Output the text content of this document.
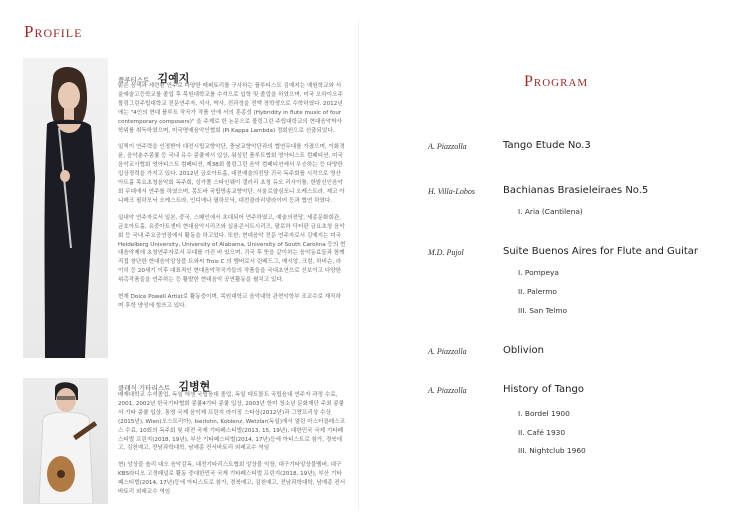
Profile
플루티스트 김예지

맑은 음색과 세련된 연주로 다양한 레퍼토리를 구사하는 플루티스트 김예지는 예원학교와 서울예술고등학교를 졸업 후 목원대학교를 수석으로 입학 및 졸업을 하였으며, 미국 오하이오주 볼링그린주립대학교 전문연주자, 석사, 박사, 전과정을 전액 장학생으로 수학하였다. 2012년에는 "4인의 현대 플루트 작곡가 작품 안에 서의 혼종성 (Hybridity in flute music of four contemporary composers)" 을 주제로 한 논문으로 볼링그린 주립대학교의 현대음악박사학위를 취득하였으며, 미국명예음악인협회 (Pi Kappa Lambda) 정회원으로 선출되었다.

일찍이 연주력을 인정받아 대전시립교향악단, 충남교향악단과의 협연무대를 가졌으며, 이화경윤, 음악춘추콩쿨 등 국내 유수 콩쿨에서 입상, 워싱턴 플루트협회 영아티스트 컴페티션, 미국음악교사협회 영아티스트 컴페티션, 제38회 볼링그린 음악 컴페티션에서 우승하는 등 다양한 입상경력을 가지고 있다. 2012년 금호아트홀, 대전예술의전당 귀국 독주회를 시작으로 영산아트홀 목요초청음악회 독주회, 싱가폴 스타인웨이 갤러리 초청 듀오 리사이틀, 한밭신인음악회 무대에서 연주를 하였으며, 몽도바 국립방송교향악단, 서울로얄심포니 오케스트라, 제코 아니메크 필하모닉 오케스트라, 인디애나 필하모닉, 대전클라리넷라이어 등과 협연 하였다.

실내악 연주자로서 일본, 중국, 스페인에서 초대되어 연주하였고, 예술의전당, 세종문화회관, 금호아트홀, 유중아트센터 현대음악시리즈와 실용콘서트시리즈, 팔로하 닥터판 금요초청 음악회 등 국내 주요공연장에서 활동을 하고있다. 또한, 현대음악 전문 연주자로서 김예지는 미국 Heidelberg University, University of Alabama, University of South Carolina 등의 현대음악제에 초청연주자로서 무대를 가진 바 있으며, 귀국 후 뜻을 같이하는 음악동료들과 함께 직접 창단한 현대음악앙상블 트와씨 Trois C 의 멤버로서 린베드그, 메시앙, 크럼, 하비슨, 라이히 등 20세기 이후 대표적인 현대음악작곡가들의 작품들을 국내초연으로 선보이고 다양한 위촉작품들을 연주하는 등 활발한 현대음악 공연활동을 펼치고 있다.

현재 Dolce Powell Artist로 활동중이며, 목원대학교 음악대학 관현악학부 조교수로 재직하며 후학 양성에 힘쓰고 있다.

클래식 기타리스트 김병현

배재대학교 수석졸업, 독일 에센 국립음대 졸업, 독일 데트몰트 국립음대 연주자 과정 수료, 2001, 2002년 한국기타협회 콩쿨4기타 콩쿨 입상, 2003년 한미 청소년 문화재단 주최 콩쿨서 기타 콩쿨 입상, 통영 국제 음악제 프린지 라이징 스타상(2012년)과 그랑프리상 수상(2015년), Wien(오스트리아), Iserlohn, Koblenz, Wetzlar(독일)에서 열린 마스터클래스코스 수료, 10회의 독주회 및 대전 국제 기타페스티벌(2013, 15, 19년), 대한민국 국제 기타페스티벌 프린지(2018, 19년), 부산 기타페스티벌(2014, 17년)등에 아티스트로 참가, 경북에고, 김천예고, 전남과학대학, 남예종 컨서바토리 외래교수 역임

현) 앙상블 솔리 대오 음악감독, 대전기타리스트협회 앙상블 악장, 대구기타앙상블멤버, 대구KBS라디오 고정패널로 활동 중대한민국 국제 기타페스티벌 프린지(2018, 19년), 부산 기타페스티벌(2014, 17년)등에 아티스트로 참가, 경북예고, 김천예고, 전남과학대학, 남예종 컨서바토리 외래교수 역임

Program
A. Piazzolla	Tango Etude No.3
H. Villa-Lobos	Bachianas Brasieleiraes No.5
I. Aria (Cantilena)
M.D. Pujol	Suite Buenos Aires for Flute and Guitar
I. Pompeya
II. Palermo
III. San Telmo
A. Piazzolla	Oblivion
A. Piazzolla	History of Tango
I. Bordel 1900
II. Café 1930
III. Nightclub 1960
